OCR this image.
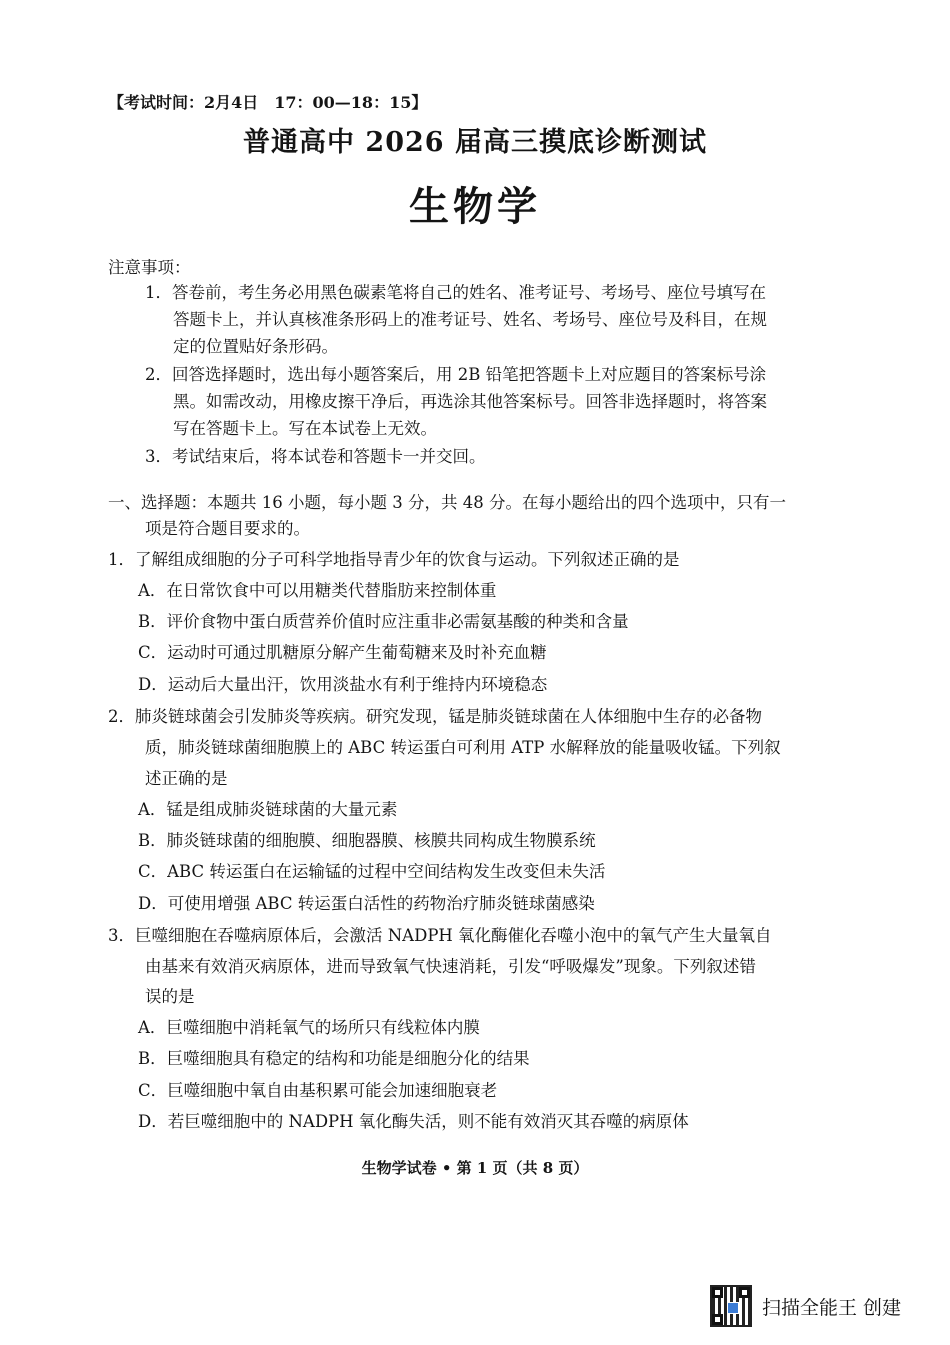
【考试时间：2月4日　17：00—18：15】
普通高中 2026 届高三摸底诊断测试
生物学
注意事项：
1．答卷前，考生务必用黑色碳素笔将自己的姓名、准考证号、考场号、座位号填写在
答题卡上，并认真核准条形码上的准考证号、姓名、考场号、座位号及科目，在规
定的位置贴好条形码。
2．回答选择题时，选出每小题答案后，用 2B 铅笔把答题卡上对应题目的答案标号涂
黑。如需改动，用橡皮擦干净后，再选涂其他答案标号。回答非选择题时，将答案
写在答题卡上。写在本试卷上无效。
3．考试结束后，将本试卷和答题卡一并交回。
一、选择题：本题共 16 小题，每小题 3 分，共 48 分。在每小题给出的四个选项中，只有一
项是符合题目要求的。
1．了解组成细胞的分子可科学地指导青少年的饮食与运动。下列叙述正确的是
A．在日常饮食中可以用糖类代替脂肪来控制体重
B．评价食物中蛋白质营养价值时应注重非必需氨基酸的种类和含量
C．运动时可通过肌糖原分解产生葡萄糖来及时补充血糖
D．运动后大量出汗，饮用淡盐水有利于维持内环境稳态
2．肺炎链球菌会引发肺炎等疾病。研究发现，锰是肺炎链球菌在人体细胞中生存的必备物
质，肺炎链球菌细胞膜上的 ABC 转运蛋白可利用 ATP 水解释放的能量吸收锰。下列叙
述正确的是
A．锰是组成肺炎链球菌的大量元素
B．肺炎链球菌的细胞膜、细胞器膜、核膜共同构成生物膜系统
C．ABC 转运蛋白在运输锰的过程中空间结构发生改变但未失活
D．可使用增强 ABC 转运蛋白活性的药物治疗肺炎链球菌感染
3．巨噬细胞在吞噬病原体后，会激活 NADPH 氧化酶催化吞噬小泡中的氧气产生大量氧自
由基来有效消灭病原体，进而导致氧气快速消耗，引发“呼吸爆发”现象。下列叙述错
误的是
A．巨噬细胞中消耗氧气的场所只有线粒体内膜
B．巨噬细胞具有稳定的结构和功能是细胞分化的结果
C．巨噬细胞中氧自由基积累可能会加速细胞衰老
D．若巨噬细胞中的 NADPH 氧化酶失活，则不能有效消灭其吞噬的病原体
生物学试卷 • 第 1 页（共 8 页）
扫描全能王 创建
